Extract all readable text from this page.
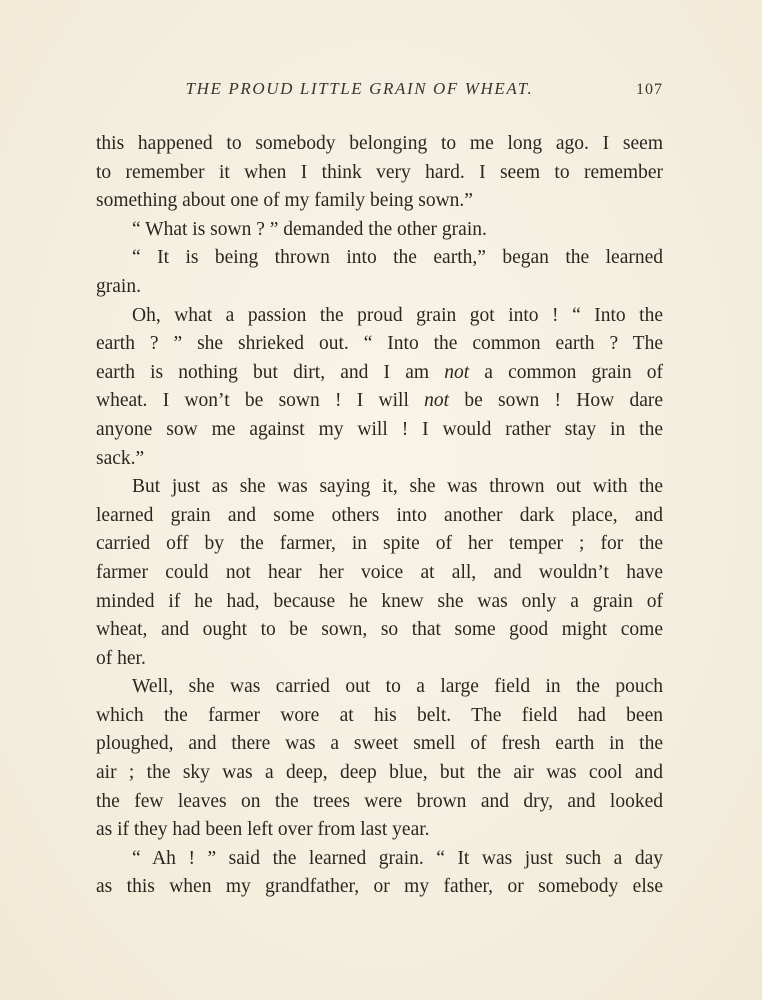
THE PROUD LITTLE GRAIN OF WHEAT.	107
this happened to somebody belonging to me long ago. I seem
to remember it when I think very hard. I seem to remember
something about one of my family being sown.”
“ What is sown ? ” demanded the other grain.
“ It is being thrown into the earth,” began the learned
grain.
Oh, what a passion the proud grain got into ! “ Into the
earth ? ” she shrieked out. “ Into the common earth ? The
earth is nothing but dirt, and I am not a common grain of
wheat. I won’t be sown ! I will not be sown ! How dare
anyone sow me against my will ! I would rather stay in the
sack.”
But just as she was saying it, she was thrown out with the
learned grain and some others into another dark place, and
carried off by the farmer, in spite of her temper ; for the
farmer could not hear her voice at all, and wouldn’t have
minded if he had, because he knew she was only a grain of
wheat, and ought to be sown, so that some good might come
of her.
Well, she was carried out to a large field in the pouch
which the farmer wore at his belt. The field had been
ploughed, and there was a sweet smell of fresh earth in the
air ; the sky was a deep, deep blue, but the air was cool and
the few leaves on the trees were brown and dry, and looked
as if they had been left over from last year.
“ Ah ! ” said the learned grain. “ It was just such a day
as this when my grandfather, or my father, or somebody else
